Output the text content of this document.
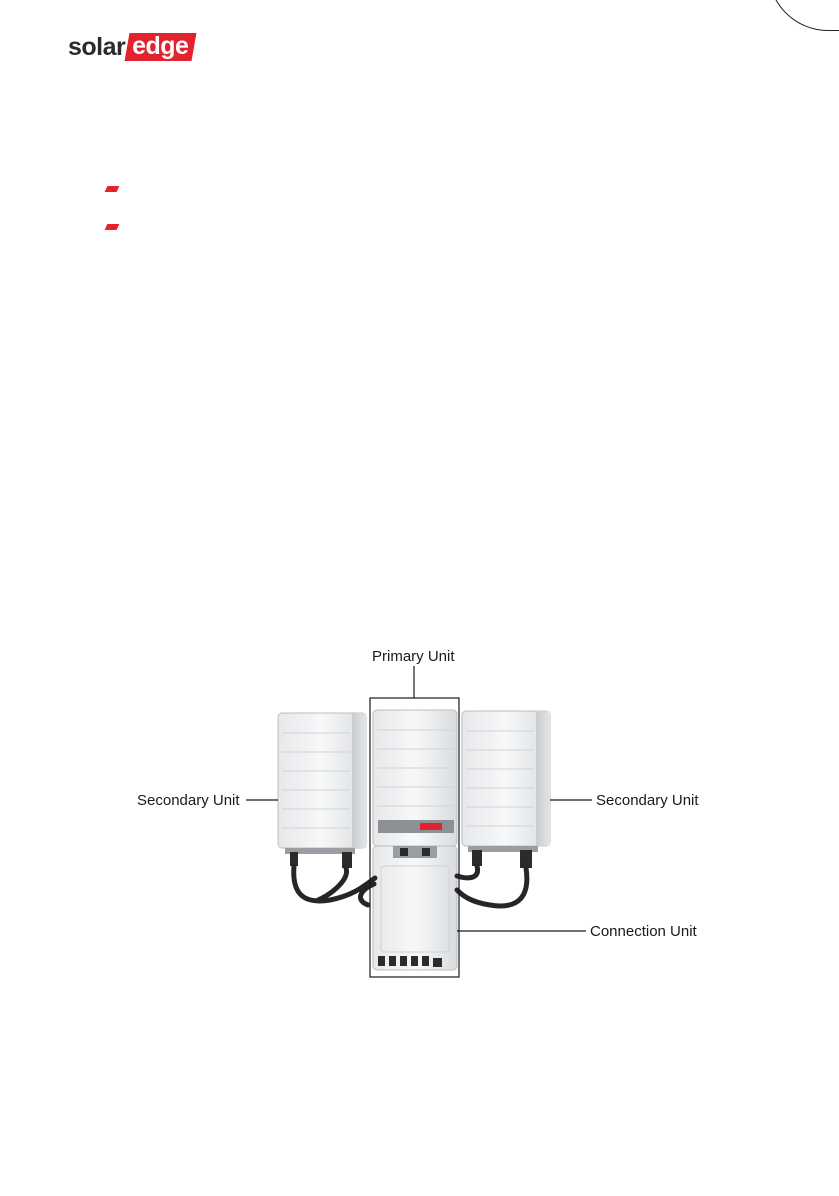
solar edge
Primary Unit
Secondary Unit	Secondary Unit
Connection Unit
